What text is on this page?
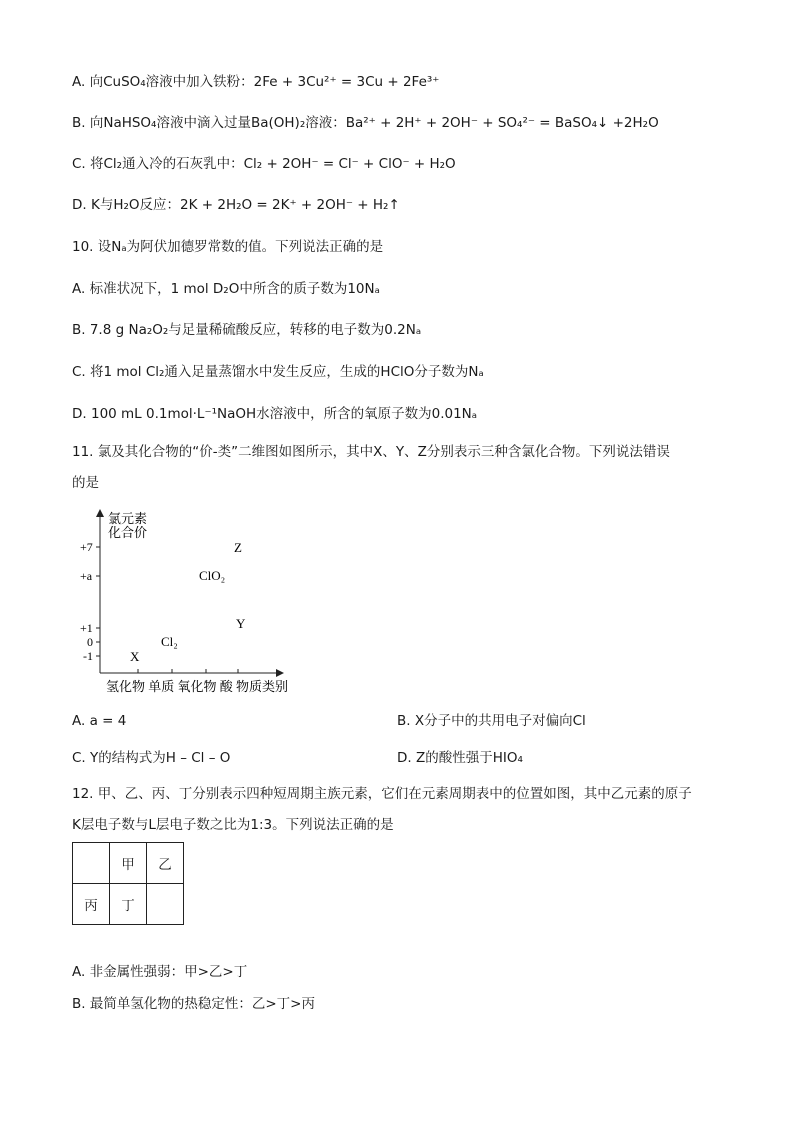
A. 向CuSO₄溶液中加入铁粉：2Fe + 3Cu²⁺ = 3Cu + 2Fe³⁺
B. 向NaHSO₄溶液中滴入过量Ba(OH)₂溶液：Ba²⁺ + 2H⁺ + 2OH⁻ + SO₄²⁻ = BaSO₄↓ +2H₂O
C. 将Cl₂通入冷的石灰乳中：Cl₂ + 2OH⁻ = Cl⁻ + ClO⁻ + H₂O
D. K与H₂O反应：2K + 2H₂O = 2K⁺ + 2OH⁻ + H₂↑
10. 设Nₐ为阿伏加德罗常数的值。下列说法正确的是
A. 标准状况下，1 mol D₂O中所含的质子数为10Nₐ
B. 7.8 g Na₂O₂与足量稀硫酸反应，转移的电子数为0.2Nₐ
C. 将1 mol Cl₂通入足量蒸馏水中发生反应，生成的HClO分子数为Nₐ
D. 100 mL 0.1mol·L⁻¹NaOH水溶液中，所含的氧原子数为0.01Nₐ
11. 氯及其化合物的“价-类”二维图如图所示，其中X、Y、Z分别表示三种含氯化合物。下列说法错误
的是
氯元素
化合价
+7
+a
+1
0
-1	X
Cl₂
ClO₂
Y
Z
氢化物 单质 氧化物 酸 物质类别
A. a = 4	B. X分子中的共用电子对偏向Cl
C. Y的结构式为H – Cl – O	D. Z的酸性强于HIO₄
12. 甲、乙、丙、丁分别表示四种短周期主族元素，它们在元素周期表中的位置如图，其中乙元素的原子
K层电子数与L层电子数之比为1:3。下列说法正确的是
	甲	乙
丙	丁	
A. 非金属性强弱：甲>乙>丁
B. 最简单氢化物的热稳定性：乙>丁>丙
